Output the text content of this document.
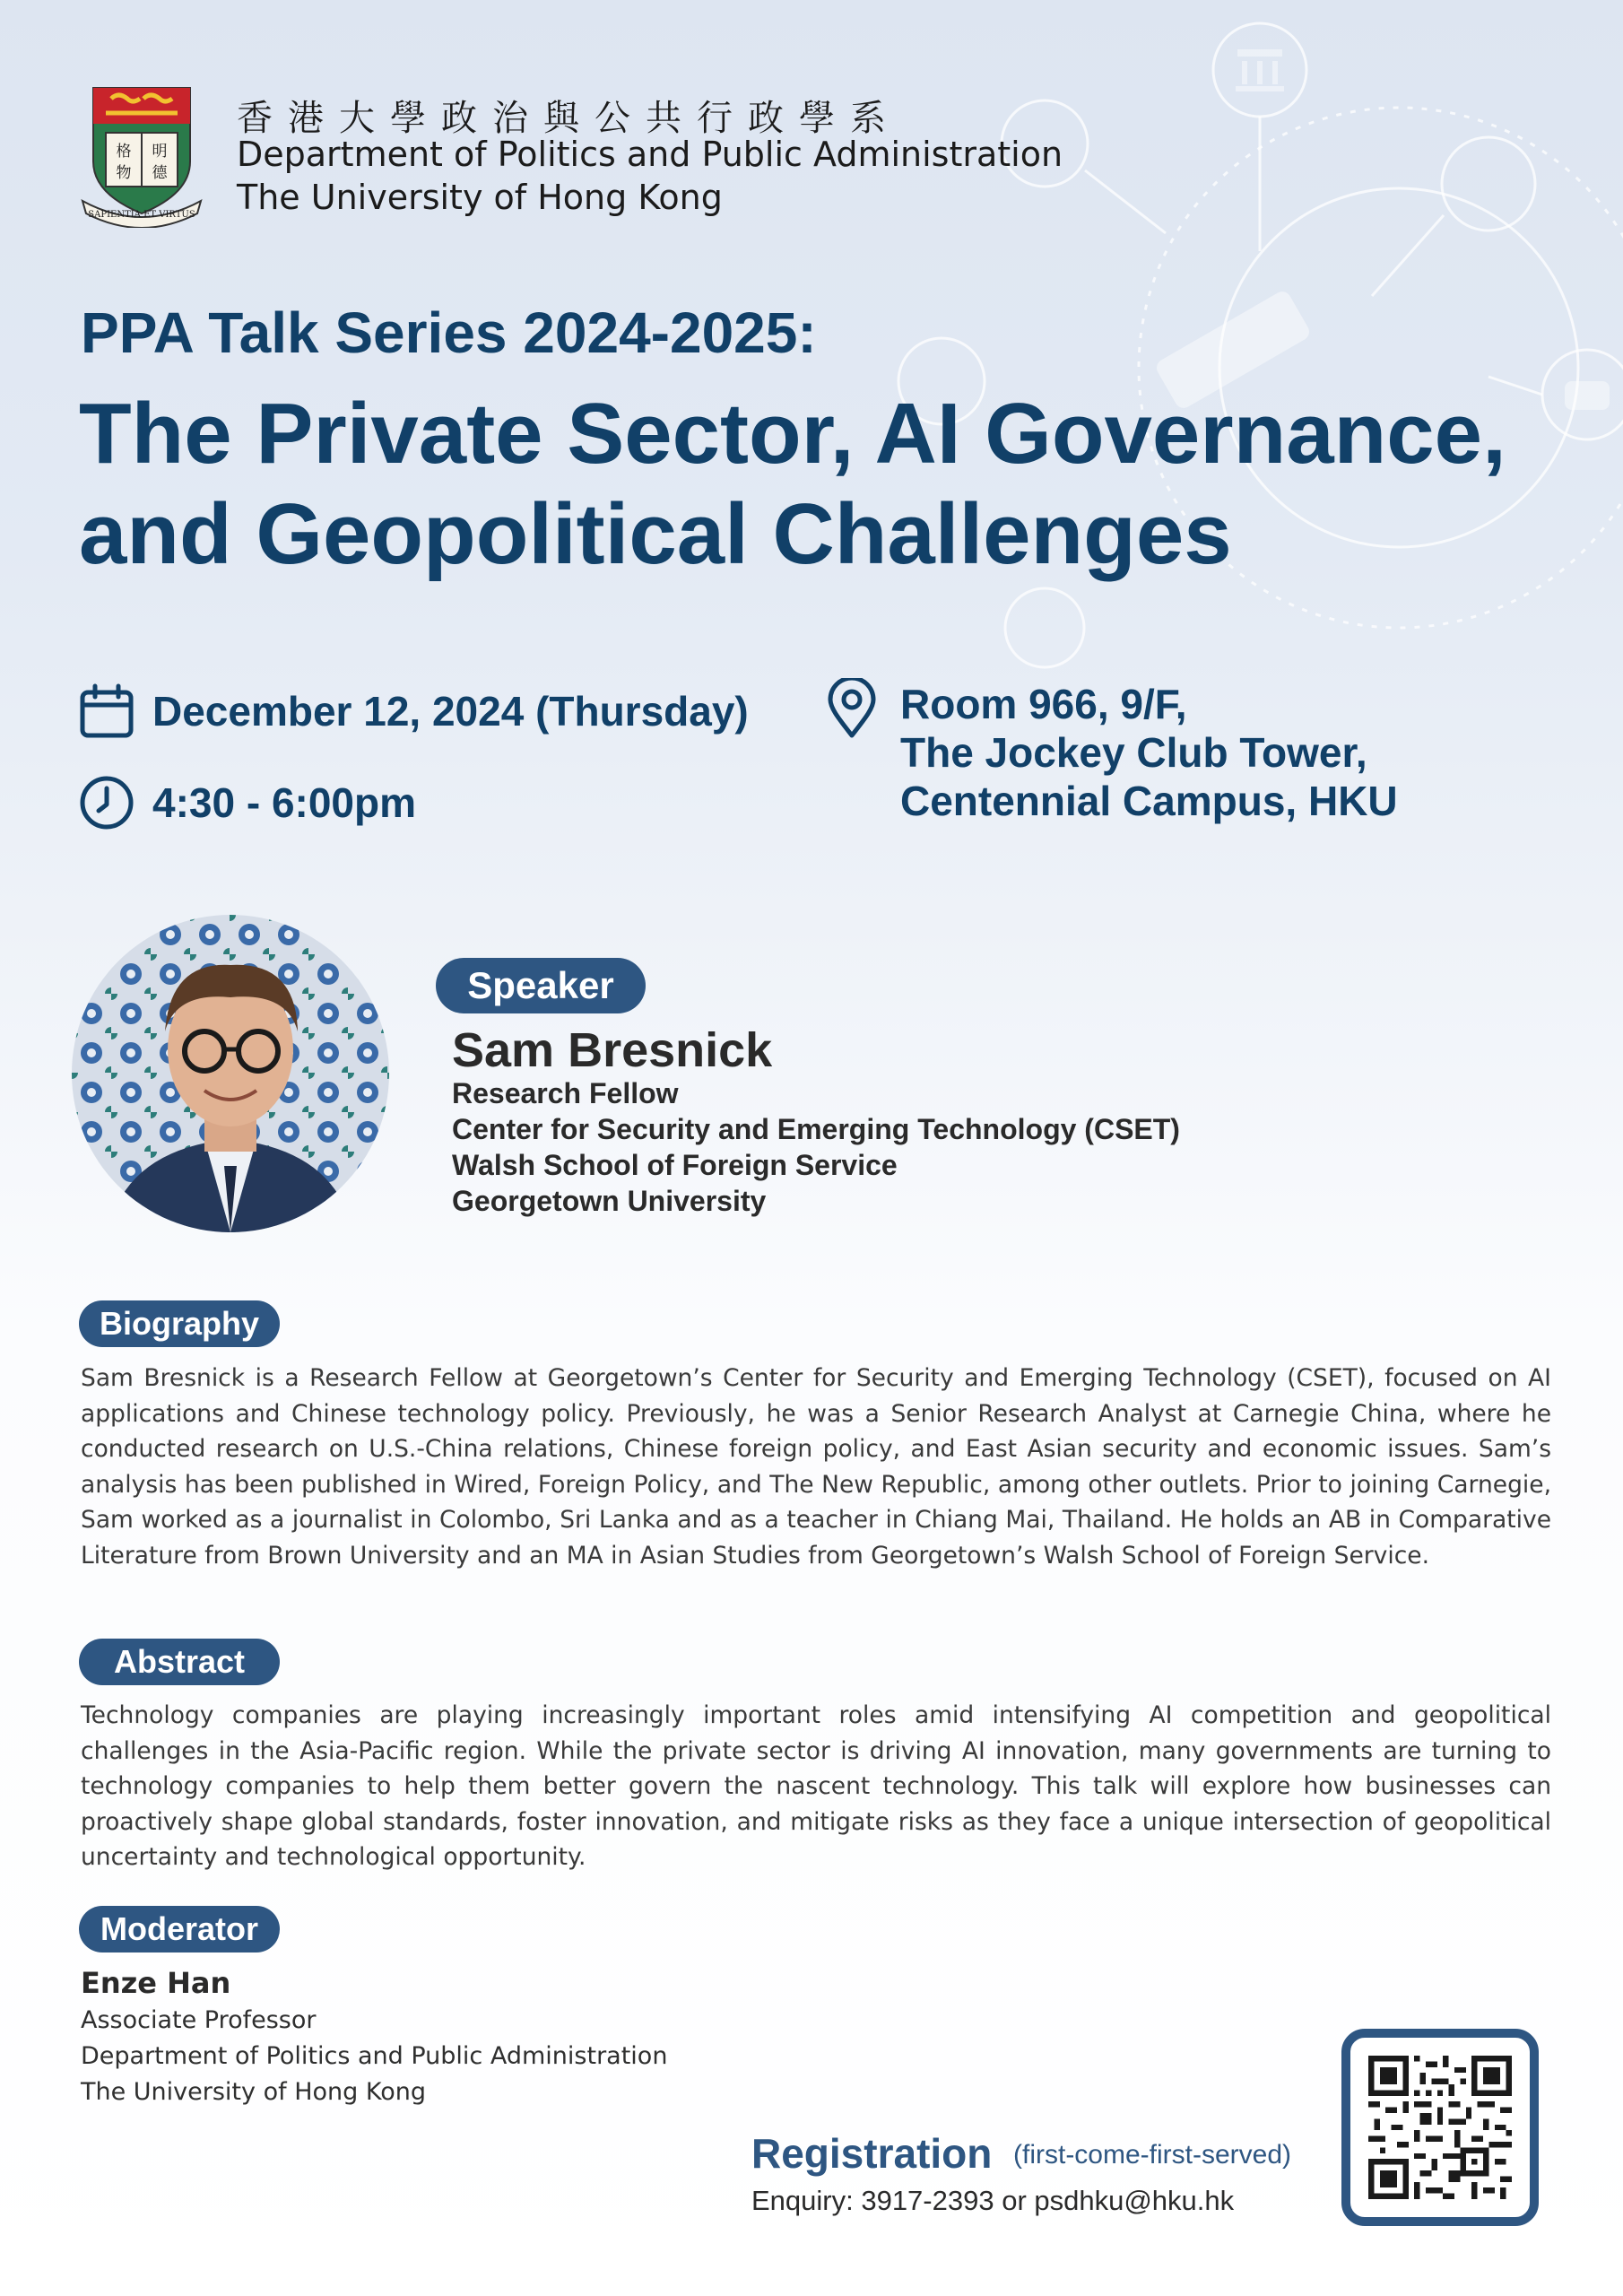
格 明
物 德
SAPIENTIA ET VIRTUS
香港大學政治與公共行政學系
Department of Politics and Public Administration
The University of Hong Kong
PPA Talk Series 2024-2025:
The Private Sector, AI Governance,
and Geopolitical Challenges
December 12, 2024 (Thursday)
4:30 - 6:00pm
Room 966, 9/F,
The Jockey Club Tower,
Centennial Campus, HKU
Speaker
Sam Bresnick
Research Fellow
Center for Security and Emerging Technology (CSET)
Walsh School of Foreign Service
Georgetown University
Biography
Sam Bresnick is a Research Fellow at Georgetown’s Center for Security and Emerging Technology (CSET), focused on AI applications and Chinese technology policy. Previously, he was a Senior Research Analyst at Carnegie China, where he conducted research on U.S.-China relations, Chinese foreign policy, and East Asian security and economic issues. Sam’s analysis has been published in Wired, Foreign Policy, and The New Republic, among other outlets. Prior to joining Carnegie, Sam worked as a journalist in Colombo, Sri Lanka and as a teacher in Chiang Mai, Thailand. He holds an AB in Comparative Literature from Brown University and an MA in Asian Studies from Georgetown’s Walsh School of Foreign Service.
Abstract
Technology companies are playing increasingly important roles amid intensifying AI competition and geopolitical challenges in the Asia-Pacific region. While the private sector is driving AI innovation, many governments are turning to technology companies to help them better govern the nascent technology. This talk will explore how businesses can proactively shape global standards, foster innovation, and mitigate risks as they face a unique intersection of geopolitical uncertainty and technological opportunity.
Moderator
Enze Han
Associate Professor
Department of Politics and Public Administration
The University of Hong Kong
Registration (first-come-first-served)
Enquiry: 3917-2393 or psdhku@hku.hk
